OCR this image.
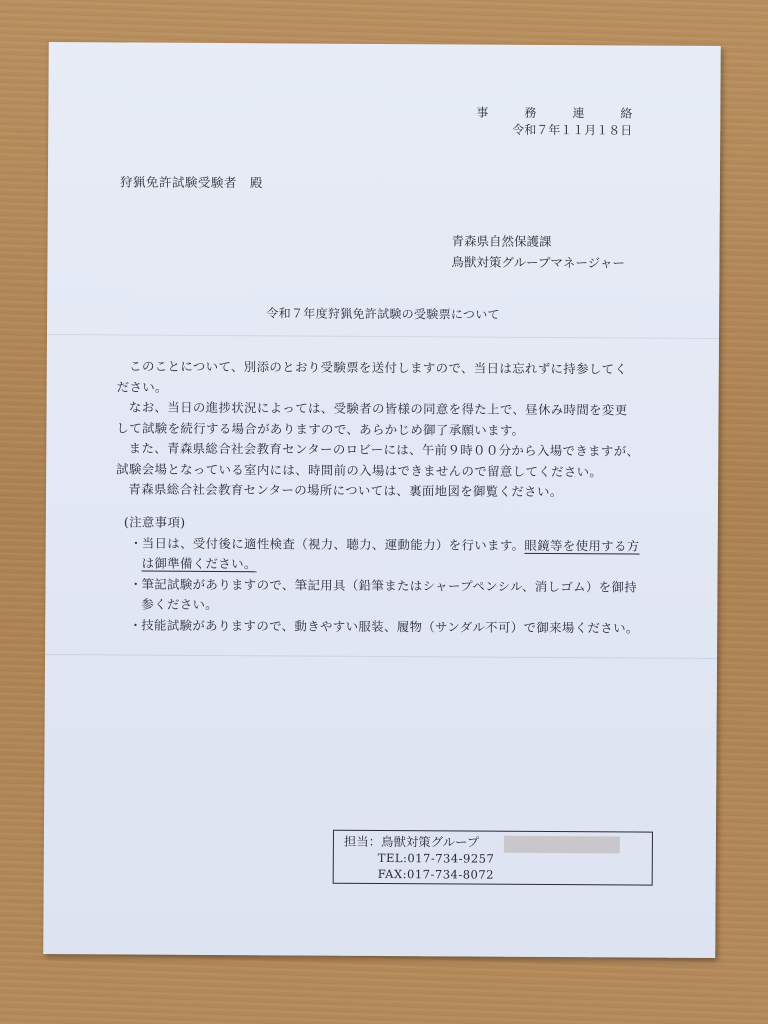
事　務　連　絡
令和７年１１月１８日
狩猟免許試験受験者　殿
青森県自然保護課
鳥獣対策グループマネージャー
令和７年度狩猟免許試験の受験票について
このことについて、別添のとおり受験票を送付しますので、当日は忘れずに持参してく
ださい。
なお、当日の進捗状況によっては、受験者の皆様の同意を得た上で、昼休み時間を変更
して試験を続行する場合がありますので、あらかじめ御了承願います。
また、青森県総合社会教育センターのロビーには、午前９時００分から入場できますが、
試験会場となっている室内には、時間前の入場はできませんので留意してください。
青森県総合社会教育センターの場所については、裏面地図を御覧ください。
(注意事項)
・ 当日は、受付後に適性検査（視力、聴力、運動能力）を行います。眼鏡等を使用する方は御準備ください。
・ 筆記試験がありますので、筆記用具（鉛筆またはシャープペンシル、消しゴム）を御持参ください。
・ 技能試験がありますので、動きやすい服装、履物（サンダル不可）で御来場ください。
担当：鳥獣対策グループ
TEL:017-734-9257
FAX:017-734-8072
